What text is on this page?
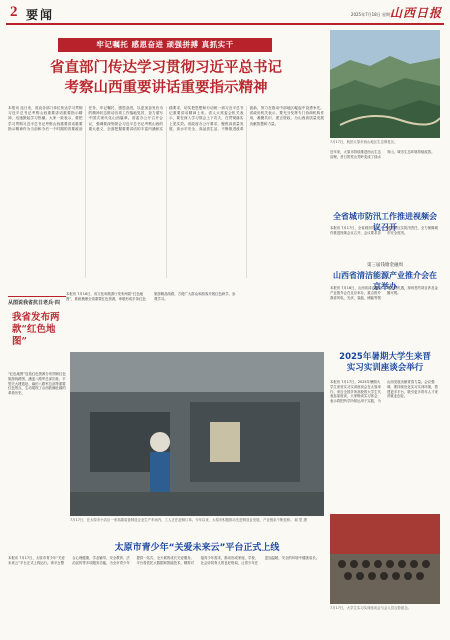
2 要闻	2025年7月18日 星期五
山西日报
牢记嘱托 感恩奋进 顽强拼搏 真抓实干
省直部门传达学习贯彻习近平总书记
考察山西重要讲话重要指示精神
本报讯 连日来，省直各部门单位传达学习贯彻习近平总书记考察山西重要讲话重要指示精神，迅速掀起学习热潮。大家一致表示，要把学习贯彻习近平总书记考察山西重要讲话重要指示精神作为当前和今后一个时期的首要政治任务，牢记嘱托、感恩奋进，以更加奋发有为的精神状态推动各项工作落地见效，奋力谱写中国式现代化山西篇章。省委办公厅召开会议，强调要深刻领会习近平总书记考察山西的重大意义，全面把握重要讲话的丰富内涵和实践要求，切实把思想和行动统一到习近平总书记重要讲话精神上来。省人大常委会机关表示，要在深入学习领会上下功夫，在贯彻落实上见实效。省政府办公厅要求，聚焦高质量发展、高水平安全、高品质生活，不断推进改革创新，努力在推动中部地区崛起中奋勇争先。省政协机关表示，要充分发挥专门协商机构作用，凝聚共识、建言资政，为山西高质量发展贡献智慧和力量。
7月17日，航拍太原市西山地区生态修复区。
近年来，太原市持续推进西山生态治理，昔日的荒山秃岭变成了绿水青山，城市生态环境持续改善。
全省城市防汛工作推进视频会议召开
本报讯 7月17日，全省城市防汛工作推进视频会议召开，会议要求各地压紧压实防汛责任，全力保障城市安全度汛。
第三届钱塘金融周
山西省清洁能源产业推介会在京举办
本报讯 7月16日，山西省清洁能源产业推介会在北京举办，重点推介我省风电、光伏、氢能、储能等领域投资机遇，现场签约项目涉及金额可观。
2025年暑期大学生来晋
实习实训座谈会举行
本报讯 7月17日，2025年暑期大学生来晋实习实训座谈会在太原举行。来自全国多所高校的大学生代表参加座谈，大家畅谈实习体会，表示将把所学所知运用于实践，为山西发展贡献青春力量。会议强调，要持续优化实习实训环境，搭建更多平台，吸引更多青年人才来晋就业创业。
7月17日，大学生实习实训座谈会与会人员合影留念。
从图说我省抗日老兵·四
我省发布两款“红色地图”
本报讯 7月16日，省文化和旅游厅发布两款“红色地图”，系统梳理全省重要红色资源，串联形成多条红色旅游精品线路，方便广大群众和游客开展红色研学、参观学习。
“红色地图”包括红色资源分布图和红色旅游线路图，涵盖八路军总部旧址、平型关大捷遗址、麻田八路军总部等重要红色景点，生动展现了山西波澜壮阔的革命历史。
7月17日，在太原市小店区一家高端装备制造企业生产车间内，工人正在赶制订单。今年以来，太原市积极推动先进制造业发展，产业链条不断延伸。 郝 思 摄
太原市青少年“关爱未来云”平台正式上线
本报讯 7月17日，太原市青少年“关爱未来云”平台正式上线运行。该平台整合心理健康、学业辅导、安全教育、法治宣传等多项服务功能，为全市青少年提供一站式、全天候的成长关爱服务。平台将依托大数据和智能技术，精准对接青少年需求，推动形成家庭、学校、社会协同育人的良好格局，让青少年在更加温暖、安全的环境中健康成长。
